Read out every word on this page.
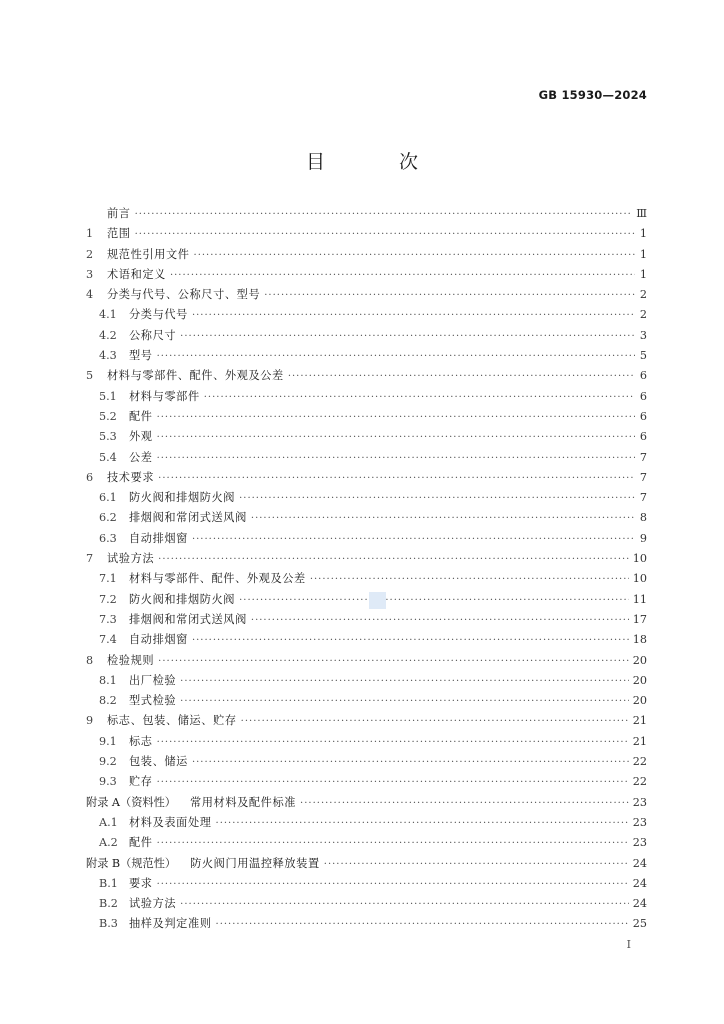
GB 15930—2024
目 次
前言 ·····	Ⅲ
1	范围 ·····	1
2	规范性引用文件 ·····	1
3	术语和定义 ·····	1
4	分类与代号、公称尺寸、型号 ·····	2
4.1	分类与代号 ·····	2
4.2	公称尺寸 ·····	3
4.3	型号 ·····	5
5	材料与零部件、配件、外观及公差 ·····	6
5.1	材料与零部件 ·····	6
5.2	配件 ·····	6
5.3	外观 ·····	6
5.4	公差 ·····	7
6	技术要求 ·····	7
6.1	防火阀和排烟防火阀 ·····	7
6.2	排烟阀和常闭式送风阀 ·····	8
6.3	自动排烟窗 ·····	9
7	试验方法 ·····	10
7.1	材料与零部件、配件、外观及公差 ·····	10
7.2	防火阀和排烟防火阀 ·····	11
7.3	排烟阀和常闭式送风阀 ·····	17
7.4	自动排烟窗 ·····	18
8	检验规则 ·····	20
8.1	出厂检验 ·····	20
8.2	型式检验 ·····	20
9	标志、包装、储运、贮存 ·····	21
9.1	标志 ·····	21
9.2	包装、储运 ·····	22
9.3	贮存 ·····	22
附录 A（资料性） 常用材料及配件标准 ·····	23
A.1	材料及表面处理 ·····	23
A.2	配件 ·····	23
附录 B（规范性） 防火阀门用温控释放装置 ·····	24
B.1 要求 ·····	24
B.2 试验方法 ·····	24
B.3 抽样及判定准则 ·····	25
I
